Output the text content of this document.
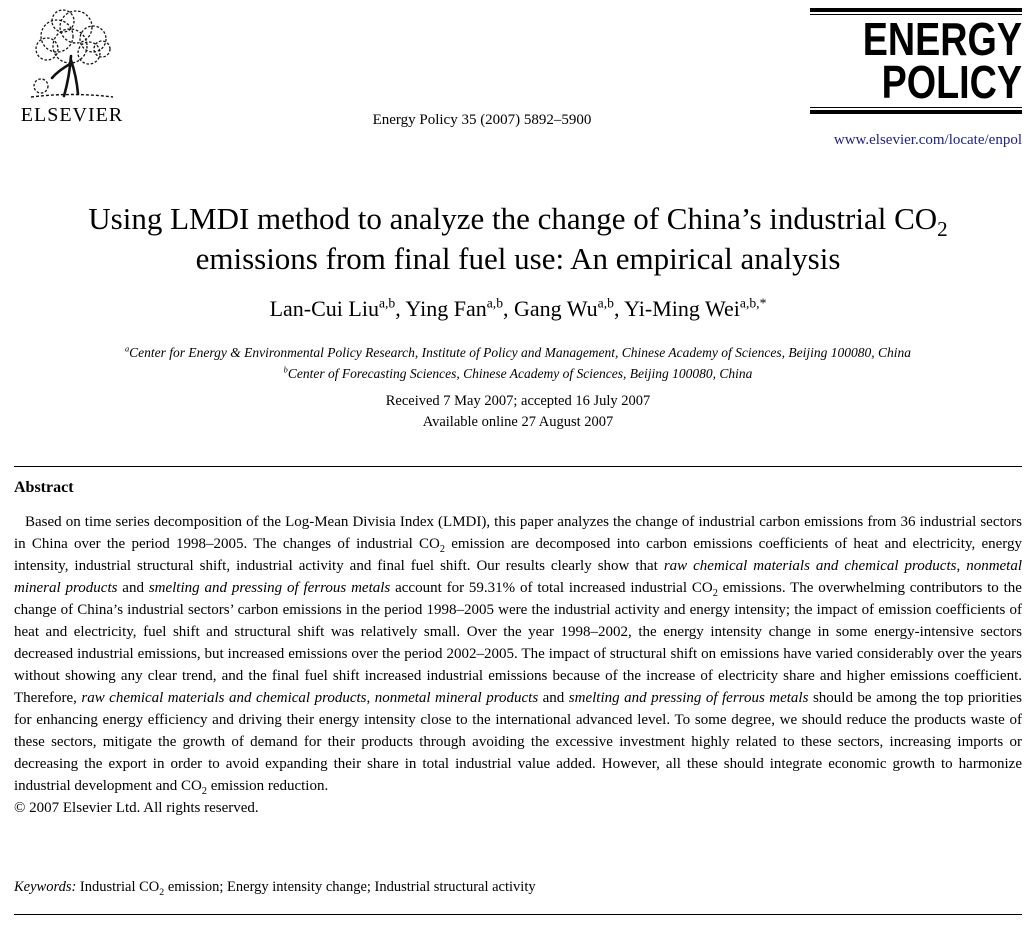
ELSEVIER	Energy Policy 35 (2007) 5892–5900
ENERGY
POLICY
www.elsevier.com/locate/enpol
Using LMDI method to analyze the change of China’s industrial $CO_2$
emissions from final fuel use: An empirical analysis
Lan-Cui Liu$^{a,b}$, Ying Fan$^{a,b}$, Gang Wu$^{a,b}$, Yi-Ming Wei$^{a,b,*}$
$^a$Center for Energy & Environmental Policy Research, Institute of Policy and Management, Chinese Academy of Sciences, Beijing 100080, China
$^b$Center of Forecasting Sciences, Chinese Academy of Sciences, Beijing 100080, China
Received 7 May 2007; accepted 16 July 2007
Available online 27 August 2007
Abstract
Based on time series decomposition of the Log-Mean Divisia Index (LMDI), this paper analyzes the change of industrial carbon emissions from 36 industrial sectors in China over the period 1998–2005. The changes of industrial $CO_2$ emission are decomposed into carbon emissions coefficients of heat and electricity, energy intensity, industrial structural shift, industrial activity and final fuel shift. Our results clearly show that raw chemical materials and chemical products, nonmetal mineral products and smelting and pressing of ferrous metals account for 59.31% of total increased industrial $CO_2$ emissions. The overwhelming contributors to the change of China’s industrial sectors’ carbon emissions in the period 1998–2005 were the industrial activity and energy intensity; the impact of emission coefficients of heat and electricity, fuel shift and structural shift was relatively small. Over the year 1998–2002, the energy intensity change in some energy-intensive sectors decreased industrial emissions, but increased emissions over the period 2002–2005. The impact of structural shift on emissions have varied considerably over the years without showing any clear trend, and the final fuel shift increased industrial emissions because of the increase of electricity share and higher emissions coefficient. Therefore, raw chemical materials and chemical products, nonmetal mineral products and smelting and pressing of ferrous metals should be among the top priorities for enhancing energy efficiency and driving their energy intensity close to the international advanced level. To some degree, we should reduce the products waste of these sectors, mitigate the growth of demand for their products through avoiding the excessive investment highly related to these sectors, increasing imports or decreasing the export in order to avoid expanding their share in total industrial value added. However, all these should integrate economic growth to harmonize industrial development and $CO_2$ emission reduction.
© 2007 Elsevier Ltd. All rights reserved.
Keywords: Industrial $CO_2$ emission; Energy intensity change; Industrial structural activity
